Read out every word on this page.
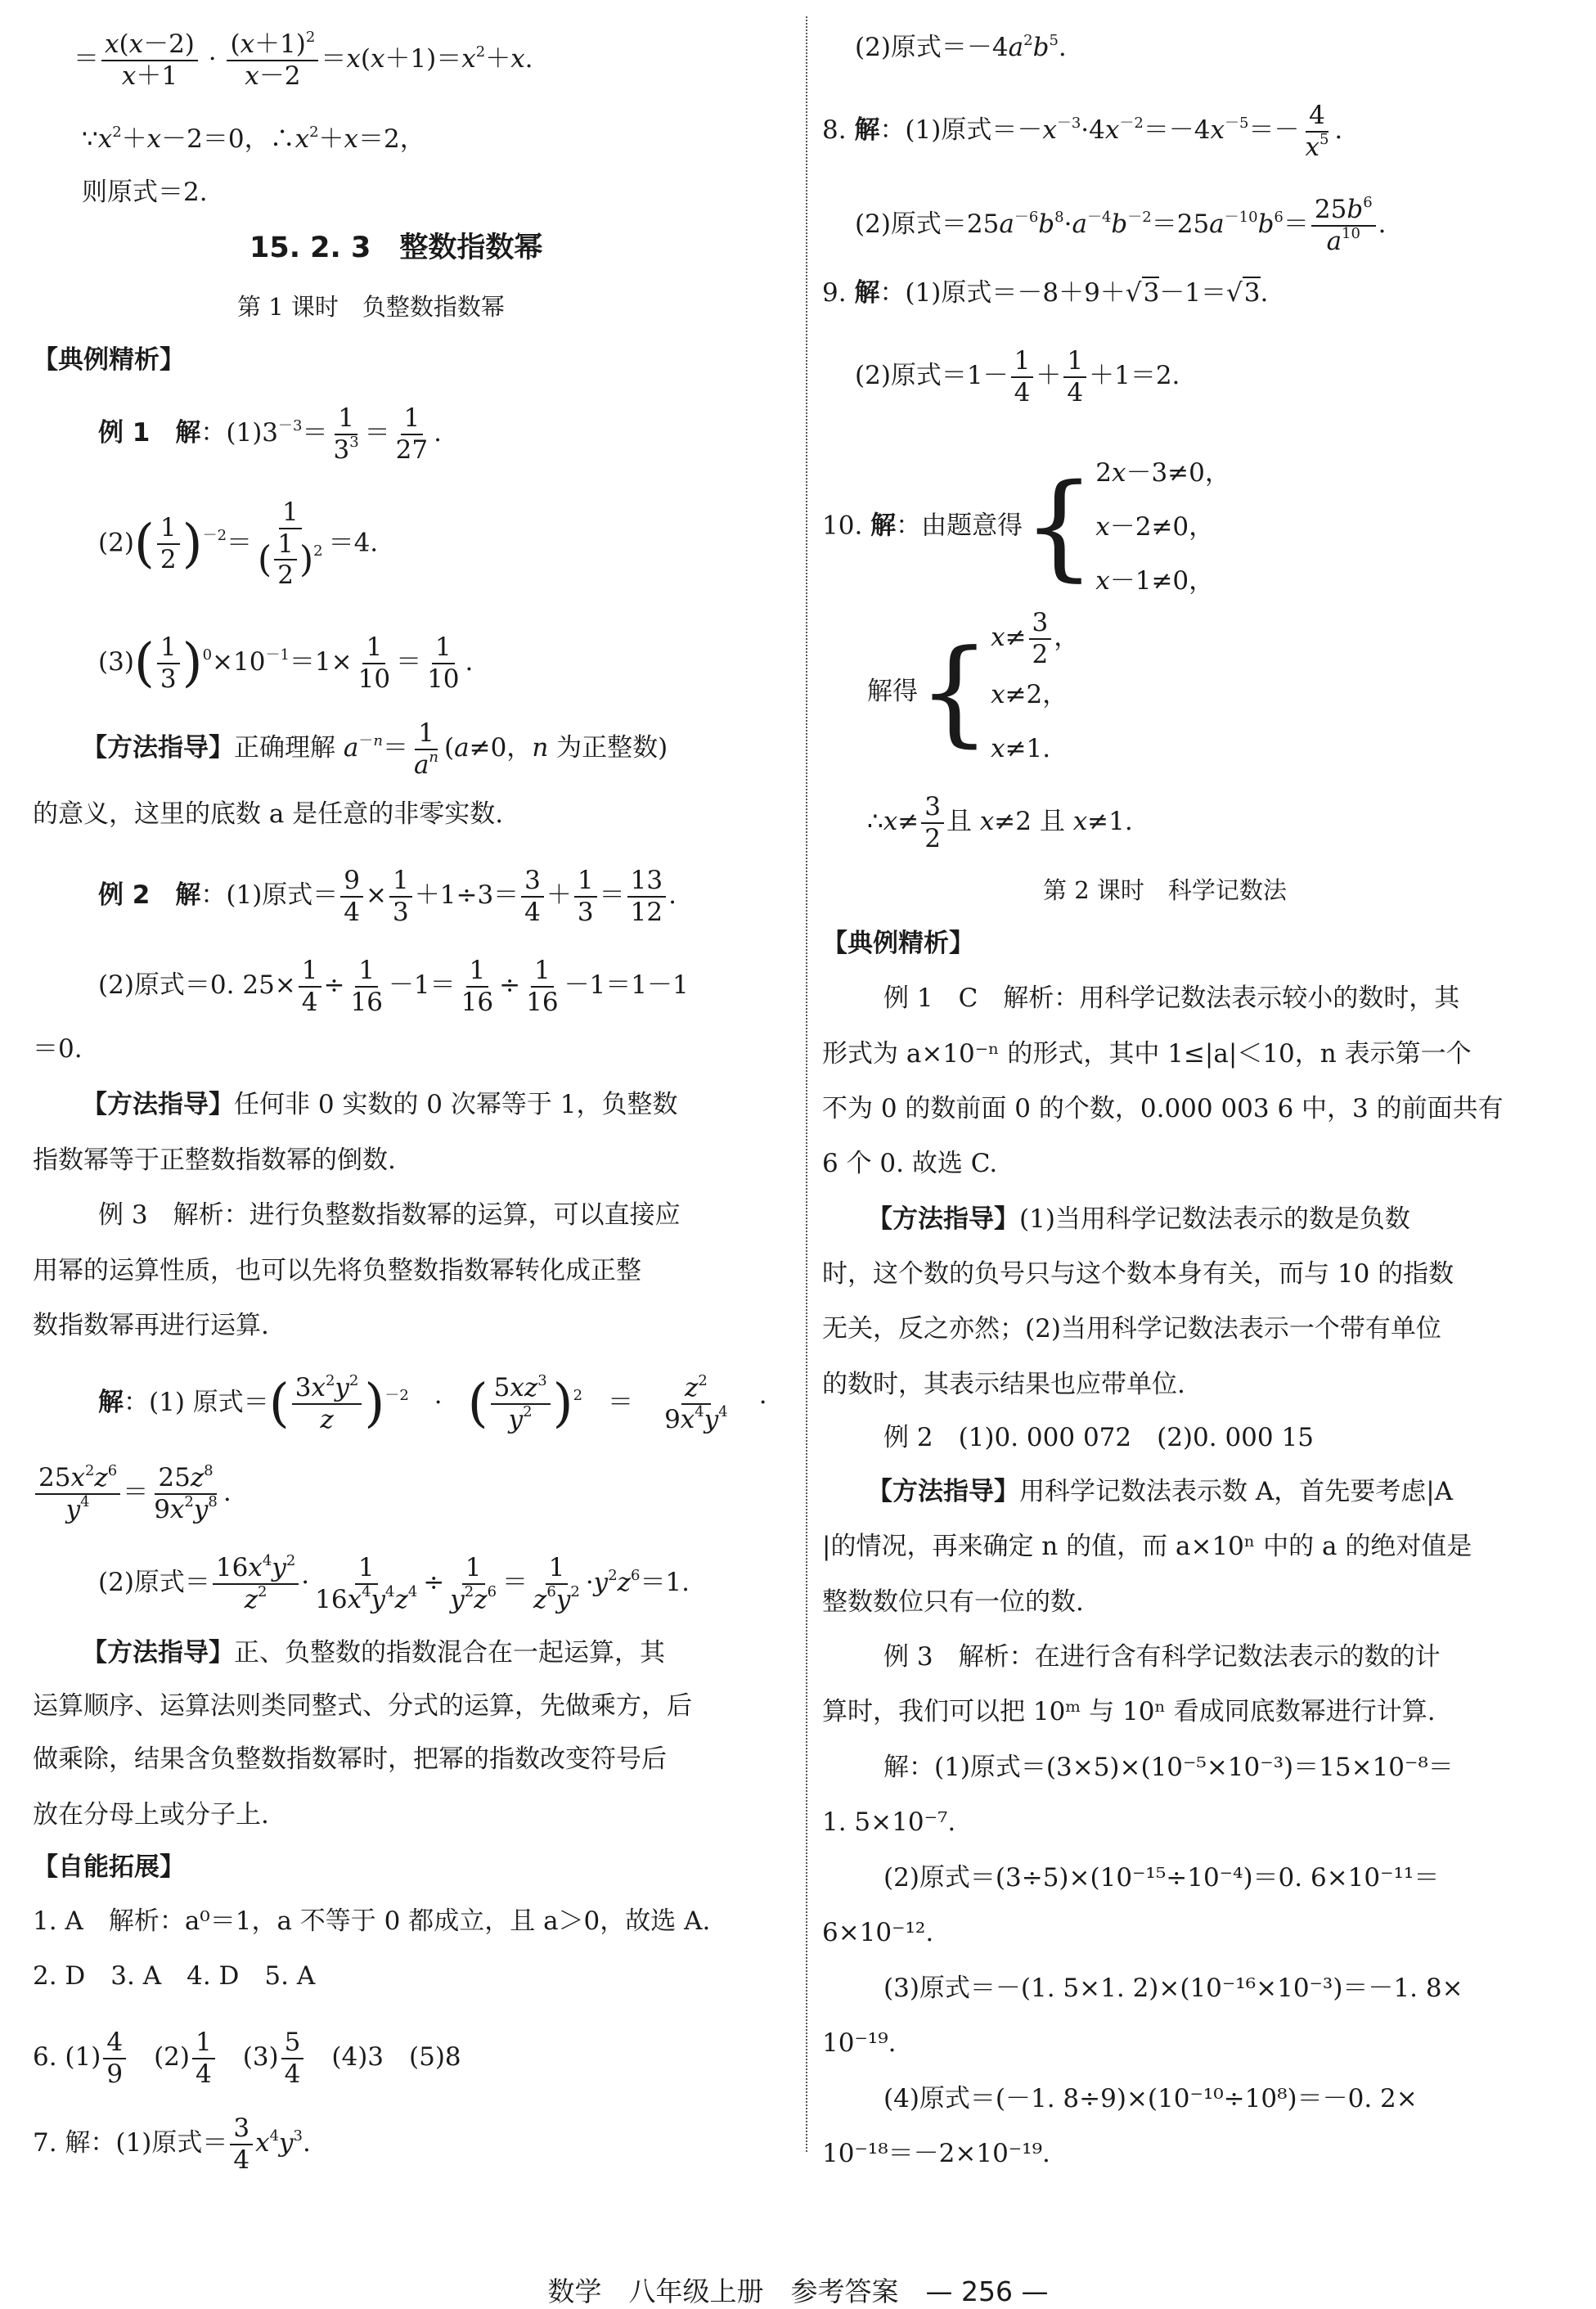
＝ $\frac{x(x-2)}{x+1} \cdot \frac{(x+1)^2}{x-2} =x(x+1)=x^2+x$.
$\because x^2+x-2=0$，$\therefore x^2+x=2$，
则原式＝2.
15. 2. 3　 整数指数幂
第 1 课时　负整数指数幂
【典例精析】
例 1　解：$(1)3^{-3}= \frac{1}{3^3} = \frac{1}{27}$ .
$(2)( \frac{1}{2} )^{-2}= \frac{1}{( \frac{1}{2} )^2} =4$.
$(3)( \frac{1}{3} )^0\times 10^{-1}=1\times \frac{1}{10} = \frac{1}{10}$ .
【方法指导】正确理解 $a^{-n}= \frac{1}{a^n} (a\ne 0$，n 为正整数)
的意义，这里的底数 a 是任意的非零实数.
例 2　解：(1)原式＝ $\frac{9}{4} \times \frac{1}{3} +1\div 3= \frac{3}{4} + \frac{1}{3} = \frac{13}{12}$ .
(2)原式＝0. $25\times \frac{1}{4} \div \frac{1}{16} -1= \frac{1}{16} \div \frac{1}{16} -1=1-1$
＝0.
【方法指导】任何非 0 实数的 0 次幂等于 1，负整数
指数幂等于正整数指数幂的倒数.
例 3　解析：进行负整数指数幂的运算，可以直接应
用幂的运算性质，也可以先将负整数指数幂转化成正整
数指数幂再进行运算.
解：(1) 原式＝( $\frac{3x^2y^2}{z} )^{-2}$　·　( $\frac{5xz^3}{y^2} )^2$　＝　 $\frac{z^2}{9x^4y^4}$ 　·
$\frac{25x^2z^6}{y^4} = \frac{25z^8}{9x^2y^8}$ .
(2)原式＝ $\frac{16x^4y^2}{z^2} \cdot \frac{1}{16x^4y^4z^4} \div \frac{1}{y^2z^6} = \frac{1}{z^6y^2} \cdot y^2z^6=1$.
【方法指导】正、负整数的指数混合在一起运算，其
运算顺序、运算法则类同整式、分式的运算，先做乘方，后
做乘除，结果含负整数指数幂时，把幂的指数改变符号后
放在分母上或分子上.
【自能拓展】
1. A　解析：a⁰＝1，a 不等于 0 都成立，且 a＞0，故选 A.
2. D　3. A　4. D　5. A
6. $(1) \frac{4}{9}$ 　$(2) \frac{1}{4}$ 　$(3) \frac{5}{4}$ 　(4)3　(5)8
7. 解：(1)原式＝ $\frac{3}{4} x^4y^3$.
(2)原式$=-4a^2b^5$.
8. 解：(1)原式$=-x^{-3}\cdot 4x^{-2}=-4x^{-5}=- \frac{4}{x^5}$ .
(2)原式$=25a^{-6}b^8\cdot a^{-4}b^{-2}=25a^{-10}b^6= \frac{25b^6}{a^{10}}$ .
9. 解：(1)原式＝－8＋9＋√3－1＝√3.
(2)原式$=1- \frac{1}{4} + \frac{1}{4} +1=2$.
10. 解：由题意得{ 2x－3≠0，
x－2≠0，
x－1≠0，
解得{ $x\ne \frac{3}{2}$ ，
x≠2，
x≠1.
∴x≠ $\frac{3}{2}$ 且 x≠2 且 x≠1.
第 2 课时　科学记数法
【典例精析】
例 1　C　解析：用科学记数法表示较小的数时，其
形式为 a×10⁻ⁿ 的形式，其中 1≤|a|＜10，n 表示第一个
不为 0 的数前面 0 的个数，0.000 003 6 中，3 的前面共有
6 个 0. 故选 C.
【方法指导】(1)当用科学记数法表示的数是负数
时，这个数的负号只与这个数本身有关，而与 10 的指数
无关，反之亦然；(2)当用科学记数法表示一个带有单位
的数时，其表示结果也应带单位.
例 2　(1)0. 000 072　(2)0. 000 15
【方法指导】用科学记数法表示数 A，首先要考虑|A
|的情况，再来确定 n 的值，而 a×10ⁿ 中的 a 的绝对值是
整数数位只有一位的数.
例 3　解析：在进行含有科学记数法表示的数的计
算时，我们可以把 10ᵐ 与 10ⁿ 看成同底数幂进行计算.
解：(1)原式＝(3×5)×(10⁻⁵×10⁻³)＝15×10⁻⁸＝
1. 5×10⁻⁷.
(2)原式＝(3÷5)×(10⁻¹⁵÷10⁻⁴)＝0. 6×10⁻¹¹＝
6×10⁻¹².
(3)原式＝－(1. 5×1. 2)×(10⁻¹⁶×10⁻³)＝－1. 8×
10⁻¹⁹.
(4)原式＝(－1. 8÷9)×(10⁻¹⁰÷10⁸)＝－0. 2×
10⁻¹⁸＝－2×10⁻¹⁹.
数学　八年级上册　参考答案　— 256 —
